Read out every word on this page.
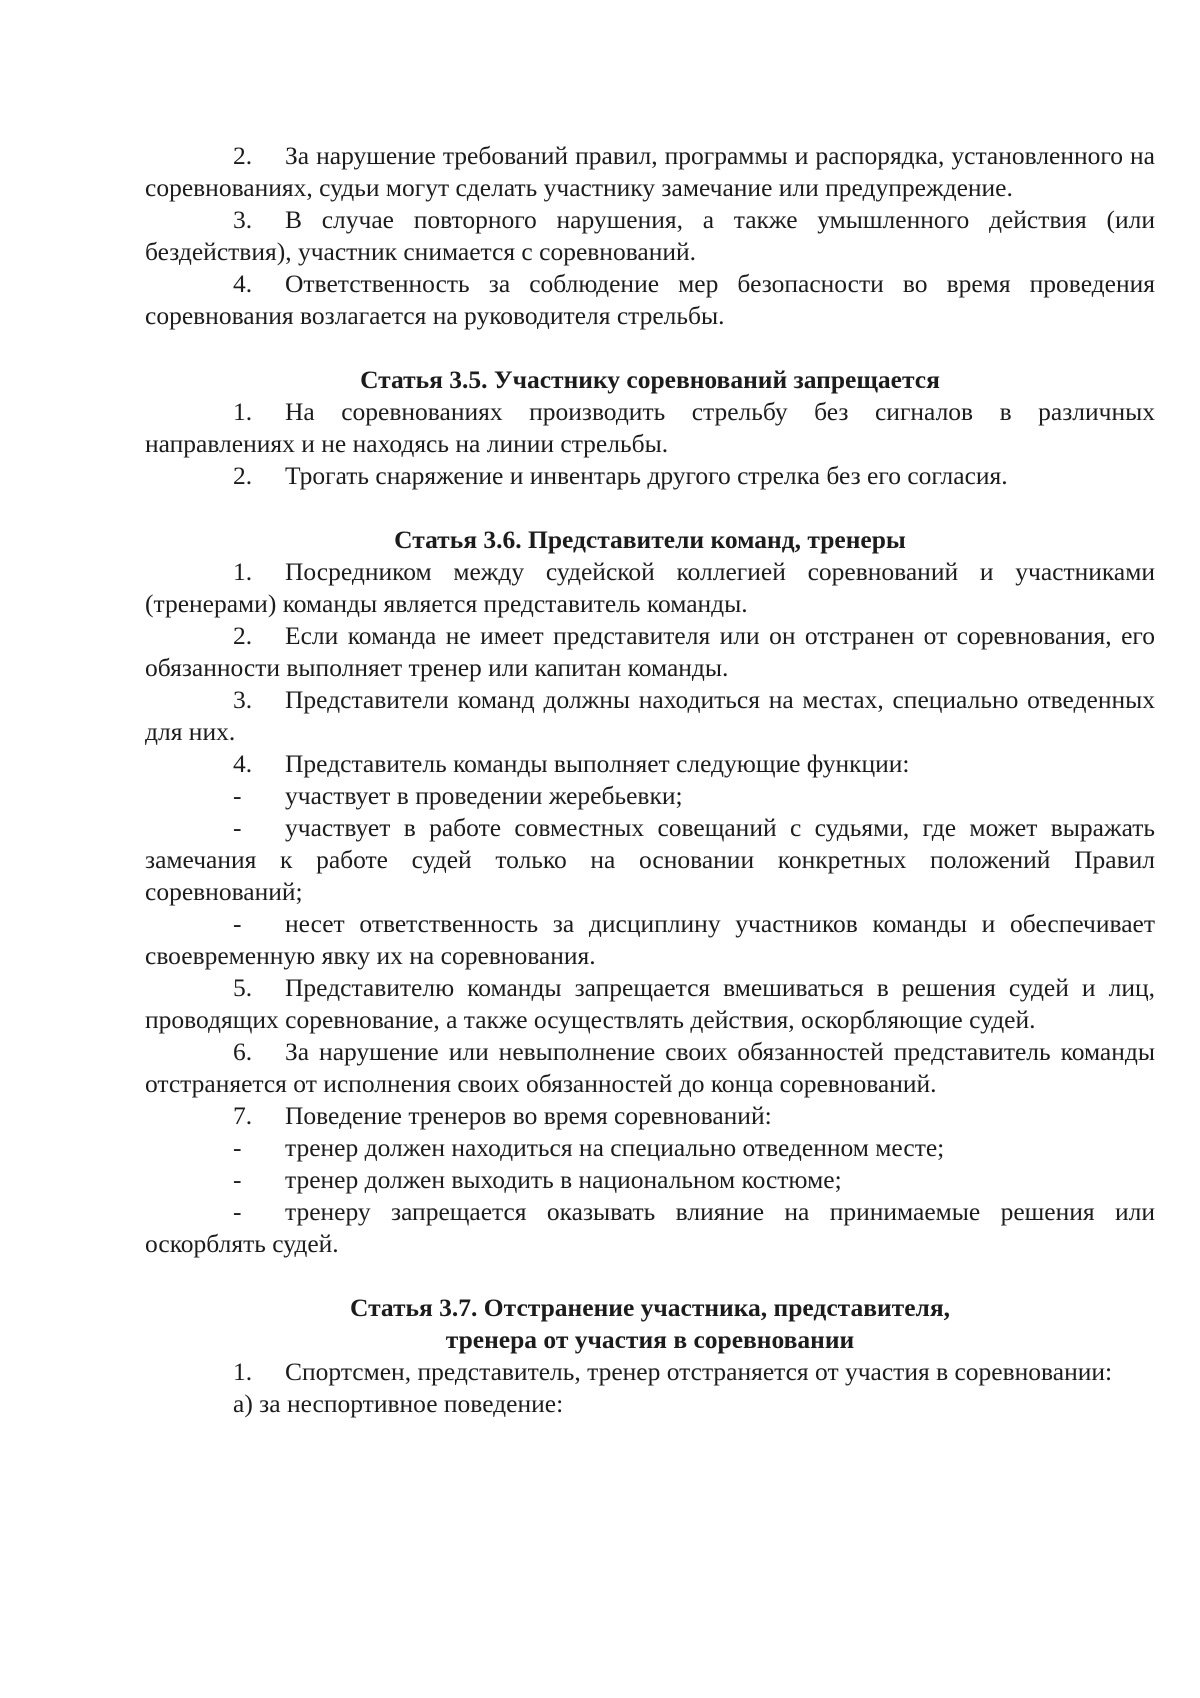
2. За нарушение требований правил, программы и распорядка, установленного на соревнованиях, судьи могут сделать участнику замечание или предупреждение.

3. В случае повторного нарушения, а также умышленного действия (или бездействия), участник снимается с соревнований.

4. Ответственность за соблюдение мер безопасности во время проведения соревнования возлагается на руководителя стрельбы.

Статья 3.5. Участнику соревнований запрещается

1. На соревнованиях производить стрельбу без сигналов в различных направлениях и не находясь на линии стрельбы.

2. Трогать снаряжение и инвентарь другого стрелка без его согласия.

Статья 3.6. Представители команд, тренеры

1. Посредником между судейской коллегией соревнований и участниками (тренерами) команды является представитель команды.

2. Если команда не имеет представителя или он отстранен от соревнования, его обязанности выполняет тренер или капитан команды.

3. Представители команд должны находиться на местах, специально отведенных для них.

4. Представитель команды выполняет следующие функции:

- участвует в проведении жеребьевки;

- участвует в работе совместных совещаний с судьями, где может выражать замечания к работе судей только на основании конкретных положений Правил соревнований;

- несет ответственность за дисциплину участников команды и обеспечивает своевременную явку их на соревнования.

5. Представителю команды запрещается вмешиваться в решения судей и лиц, проводящих соревнование, а также осуществлять действия, оскорбляющие судей.

6. За нарушение или невыполнение своих обязанностей представитель команды отстраняется от исполнения своих обязанностей до конца соревнований.

7. Поведение тренеров во время соревнований:

- тренер должен находиться на специально отведенном месте;

- тренер должен выходить в национальном костюме;

- тренеру запрещается оказывать влияние на принимаемые решения или оскорблять судей.

Статья 3.7. Отстранение участника, представителя,

тренера от участия в соревновании

1. Спортсмен, представитель, тренер отстраняется от участия в соревновании:

а) за неспортивное поведение:
